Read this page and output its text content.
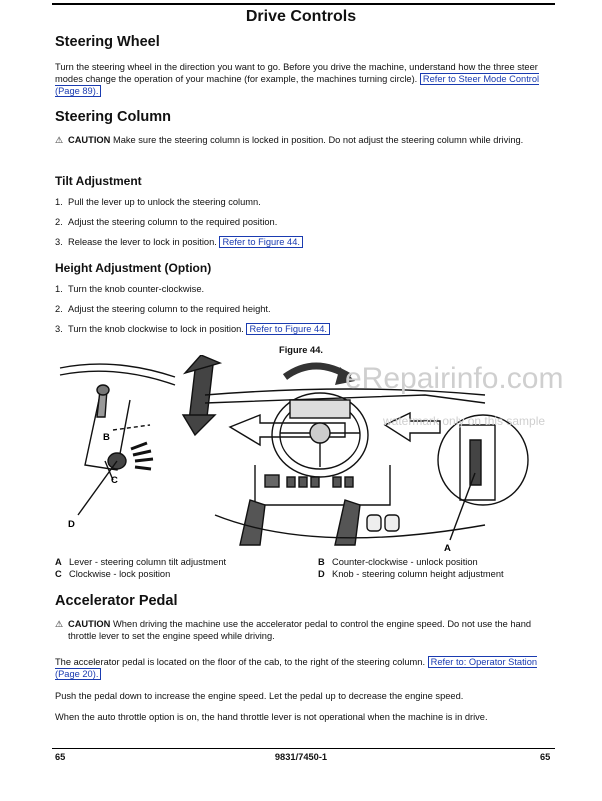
Drive Controls
Steering Wheel
Turn the steering wheel in the direction you want to go. Before you drive the machine, understand how the three steer modes change the operation of your machine (for example, the machines turning circle). Refer to Steer Mode Control (Page 89).
Steering Column
⚠ CAUTION Make sure the steering column is locked in position. Do not adjust the steering column while driving.
Tilt Adjustment
1. Pull the lever up to unlock the steering column.
2. Adjust the steering column to the required position.
3. Release the lever to lock in position. Refer to Figure 44.
Height Adjustment (Option)
1. Turn the knob counter-clockwise.
2. Adjust the steering column to the required height.
3. Turn the knob clockwise to lock in position. Refer to Figure 44.
Figure 44.
B
C
D
A
eRepairinfo.com
watermark only on this sample
A Lever - steering column tilt adjustment	B Counter-clockwise - unlock position
C Clockwise - lock position	D Knob - steering column height adjustment
Accelerator Pedal
⚠ CAUTION When driving the machine use the accelerator pedal to control the engine speed. Do not use the hand throttle lever to set the engine speed while driving.
The accelerator pedal is located on the floor of the cab, to the right of the steering column. Refer to: Operator Station (Page 20).
Push the pedal down to increase the engine speed. Let the pedal up to decrease the engine speed.
When the auto throttle option is on, the hand throttle lever is not operational when the machine is in drive.
65	9831/7450-1	65
